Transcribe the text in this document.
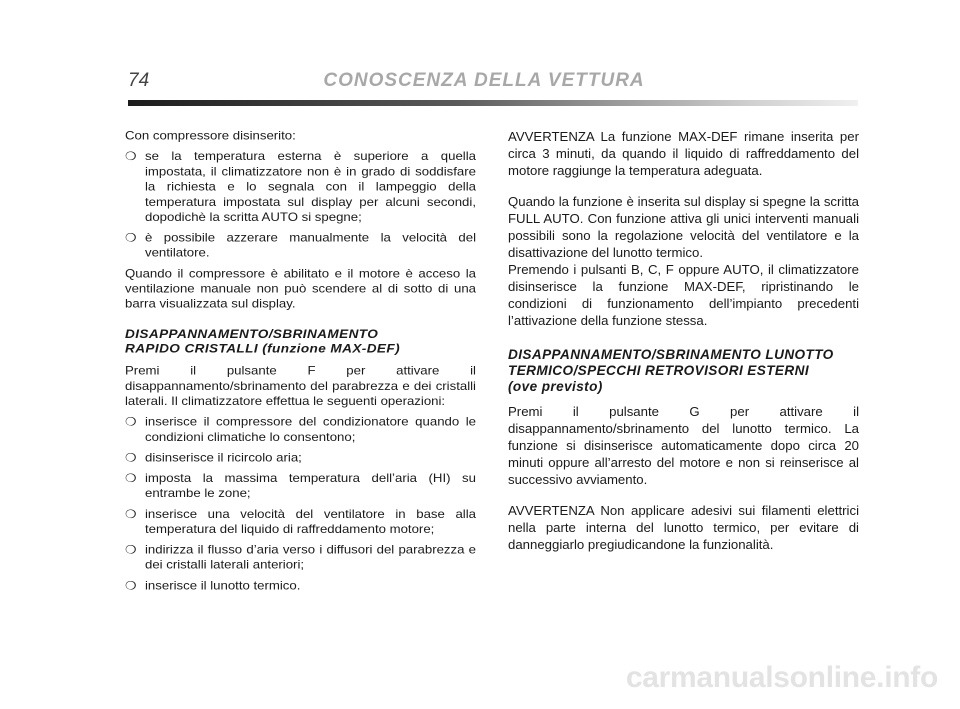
74	CONOSCENZA DELLA VETTURA

Con compressore disinserito:

❍ se la temperatura esterna è superiore a quella impostata, il climatizzatore non è in grado di soddisfare la richiesta e lo segnala con il lampeggio della temperatura impostata sul display per alcuni secondi, dopodichè la scritta AUTO si spegne;
❍ è possibile azzerare manualmente la velocità del ventilatore.

Quando il compressore è abilitato e il motore è acceso la ventilazione manuale non può scendere al di sotto di una barra visualizzata sul display.

DISAPPANNAMENTO/SBRINAMENTO
RAPIDO CRISTALLI (funzione MAX-DEF)

Premi il pulsante F per attivare il disappannamento/sbrinamento del parabrezza e dei cristalli laterali. Il climatizzatore effettua le seguenti operazioni:

❍ inserisce il compressore del condizionatore quando le condizioni climatiche lo consentono;
❍ disinserisce il ricircolo aria;
❍ imposta la massima temperatura dell’aria (HI) su entrambe le zone;
❍ inserisce una velocità del ventilatore in base alla temperatura del liquido di raffreddamento motore;
❍ indirizza il flusso d’aria verso i diffusori del parabrezza e dei cristalli laterali anteriori;
❍ inserisce il lunotto termico.

AVVERTENZA La funzione MAX-DEF rimane inserita per circa 3 minuti, da quando il liquido di raffreddamento del motore raggiunge la temperatura adeguata.

Quando la funzione è inserita sul display si spegne la scritta FULL AUTO. Con funzione attiva gli unici interventi manuali possibili sono la regolazione velocità del ventilatore e la disattivazione del lunotto termico.

Premendo i pulsanti B, C, F oppure AUTO, il climatizzatore disinserisce la funzione MAX-DEF, ripristinando le condizioni di funzionamento dell’impianto precedenti l’attivazione della funzione stessa.

DISAPPANNAMENTO/SBRINAMENTO LUNOTTO
TERMICO/SPECCHI RETROVISORI ESTERNI
(ove previsto)

Premi il pulsante G per attivare il disappannamento/sbrinamento del lunotto termico. La funzione si disinserisce automaticamente dopo circa 20 minuti oppure all’arresto del motore e non si reinserisce al successivo avviamento.

AVVERTENZA Non applicare adesivi sui filamenti elettrici nella parte interna del lunotto termico, per evitare di danneggiarlo pregiudicandone la funzionalità.

carmanualsonline.info
